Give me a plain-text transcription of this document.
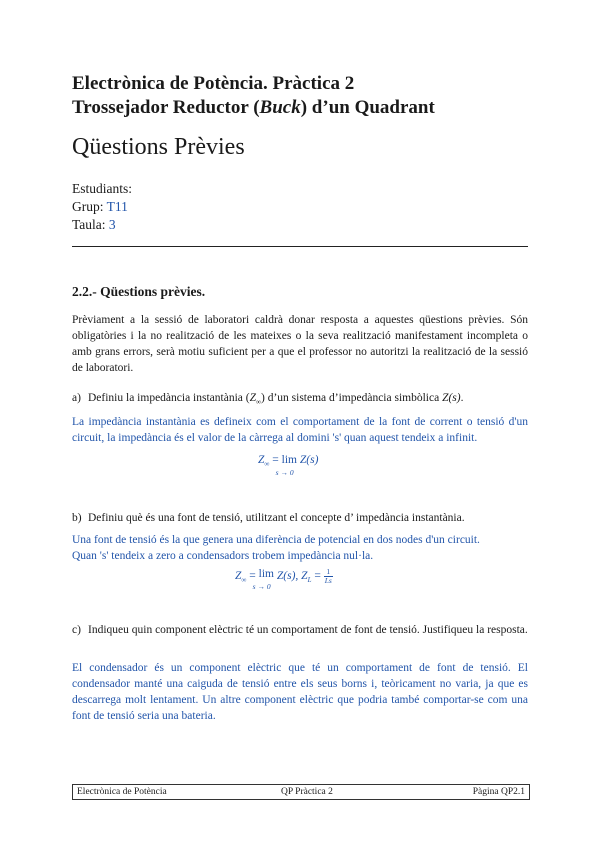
Electrònica de Potència. Pràctica 2
Trossejador Reductor (Buck) d’un Quadrant
Qüestions Prèvies
Estudiants:
Grup: T11
Taula: 3
2.2.- Qüestions prèvies.
Prèviament a la sessió de laboratori caldrà donar resposta a aquestes qüestions prèvies. Són obligatòries i la no realització de les mateixes o la seva realització manifestament incompleta o amb grans errors, serà motiu suficient per a que el professor no autoritzi la realització de la sessió de laboratori.
a) Definiu la impedància instantània $(Z_\infty)$ d’un sistema d’impedància simbòlica Z(s).
La impedància instantània es defineix com el comportament de la font de corrent o tensió d'un circuit, la impedància és el valor de la càrrega al domini 's' quan aquest tendeix a infinit.
$Z_\infty = \lim$
s → 0
Z(s)
b) Definiu què és una font de tensió, utilitzant el concepte d’ impedància instantània.
Una font de tensió és la que genera una diferència de potencial en dos nodes d'un circuit.
Quan 's' tendeix a zero a condensadors trobem impedància nul·la.
$Z_\infty = \lim$
s → 0
Z(s), $Z_L = \frac{1}{Ls}$
c) Indiqueu quin component elèctric té un comportament de font de tensió. Justifiqueu la resposta.
El condensador és un component elèctric que té un comportament de font de tensió. El condensador manté una caiguda de tensió entre els seus borns i, teòricament no varia, ja que es descarrega molt lentament. Un altre component elèctric que podria també comportar-se com una font de tensió seria una bateria.
Electrònica de Potència	QP Pràctica 2	Pàgina QP2.1
